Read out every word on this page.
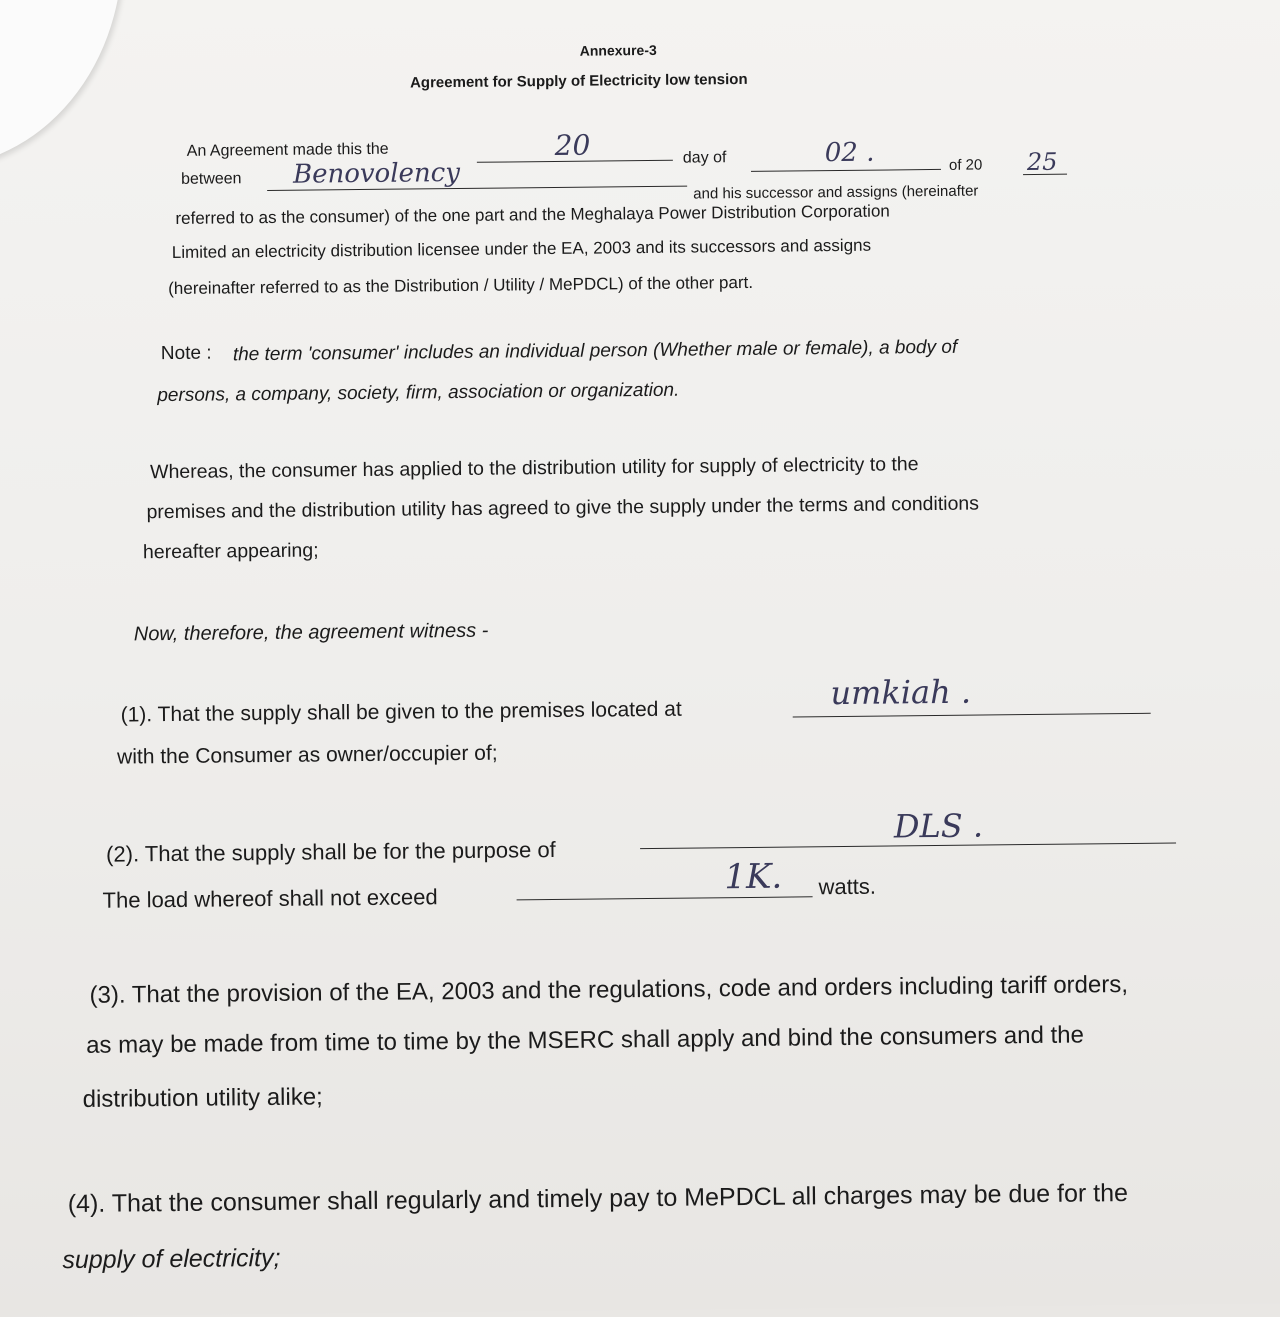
Annexure-3
Agreement for Supply of Electricity low tension
An Agreement made this the	20	day of	02 .	of 20 25
between Benovolency
and his successor and assigns (hereinafter
referred to as the consumer) of the one part and the Meghalaya Power Distribution Corporation
Limited an electricity distribution licensee under the EA, 2003 and its successors and assigns
(hereinafter referred to as the Distribution / Utility / MePDCL) of the other part.
Note : the term 'consumer' includes an individual person (Whether male or female), a body of
persons, a company, society, firm, association or organization.
Whereas, the consumer has applied to the distribution utility for supply of electricity to the
premises and the distribution utility has agreed to give the supply under the terms and conditions
hereafter appearing;
Now, therefore, the agreement witness -
(1). That the supply shall be given to the premises located at	umkiah .
with the Consumer as owner/occupier of;
(2). That the supply shall be for the purpose of
DLS .
The load whereof shall not exceed
1K. watts.
(3). That the provision of the EA, 2003 and the regulations, code and orders including tariff orders,
as may be made from time to time by the MSERC shall apply and bind the consumers and the
distribution utility alike;
(4). That the consumer shall regularly and timely pay to MePDCL all charges may be due for the
supply of electricity;
